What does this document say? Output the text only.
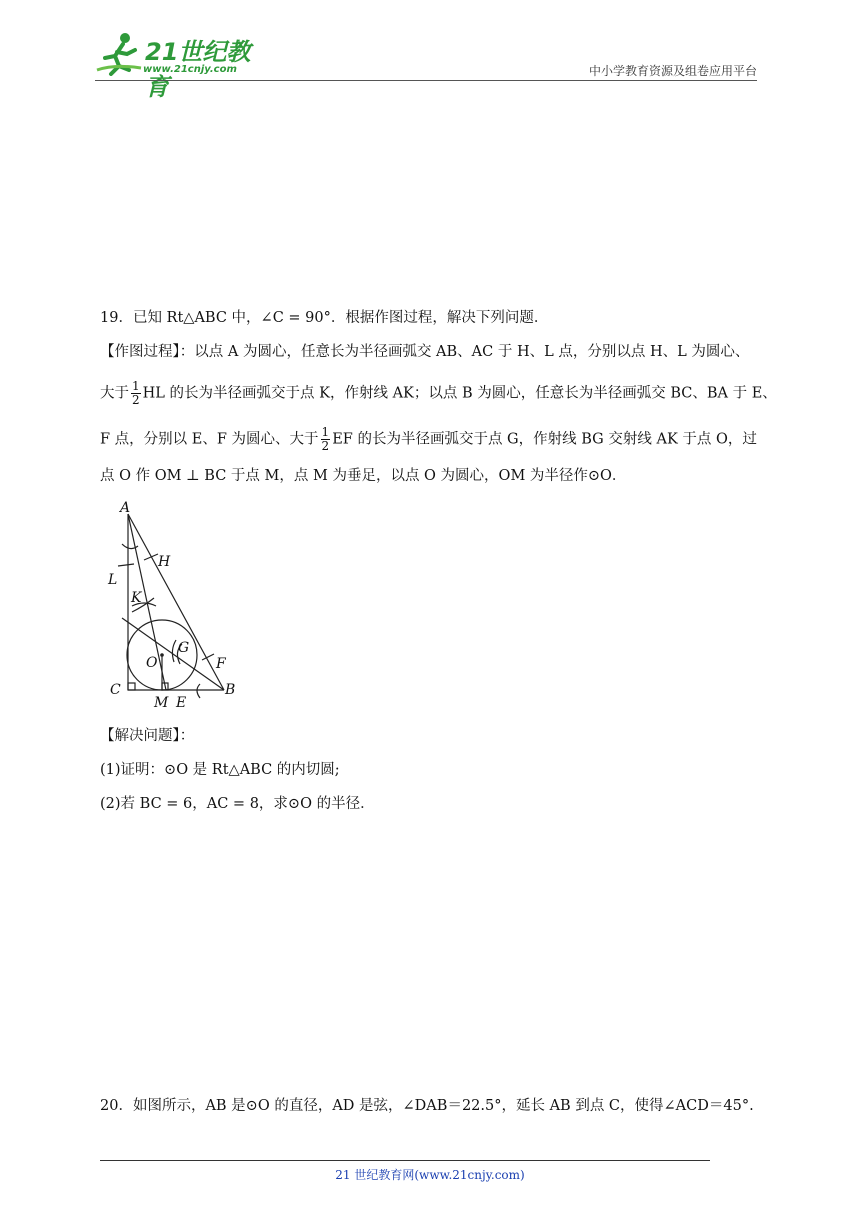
21世纪教育
www.21cnjy.com	中小学教育资源及组卷应用平台
19．已知 Rt△ABC 中，∠C = 90°．根据作图过程，解决下列问题．
【作图过程】：以点 A 为圆心，任意长为半径画弧交 AB、AC 于 H、L 点，分别以点 H、L 为圆心、
大于 $\frac{1}{2}$ HL 的长为半径画弧交于点 K，作射线 AK；以点 B 为圆心，任意长为半径画弧交 BC、BA 于 E、
F 点，分别以 E、F 为圆心、大于 $\frac{1}{2}$ EF 的长为半径画弧交于点 G，作射线 BG 交射线 AK 于点 O，过
点 O 作 OM ⊥ BC 于点 M，点 M 为垂足，以点 O 为圆心，OM 为半径作⊙O．
A
H
L
K
G
O	F
C	B
M E
【解决问题】：
(1)证明：⊙O 是 Rt△ABC 的内切圆;
(2)若 BC = 6，AC = 8，求⊙O 的半径．
20．如图所示，AB 是⊙O 的直径，AD 是弦，∠DAB＝22.5°，延长 AB 到点 C，使得∠ACD＝45°.
21 世纪教育网(www.21cnjy.com)
